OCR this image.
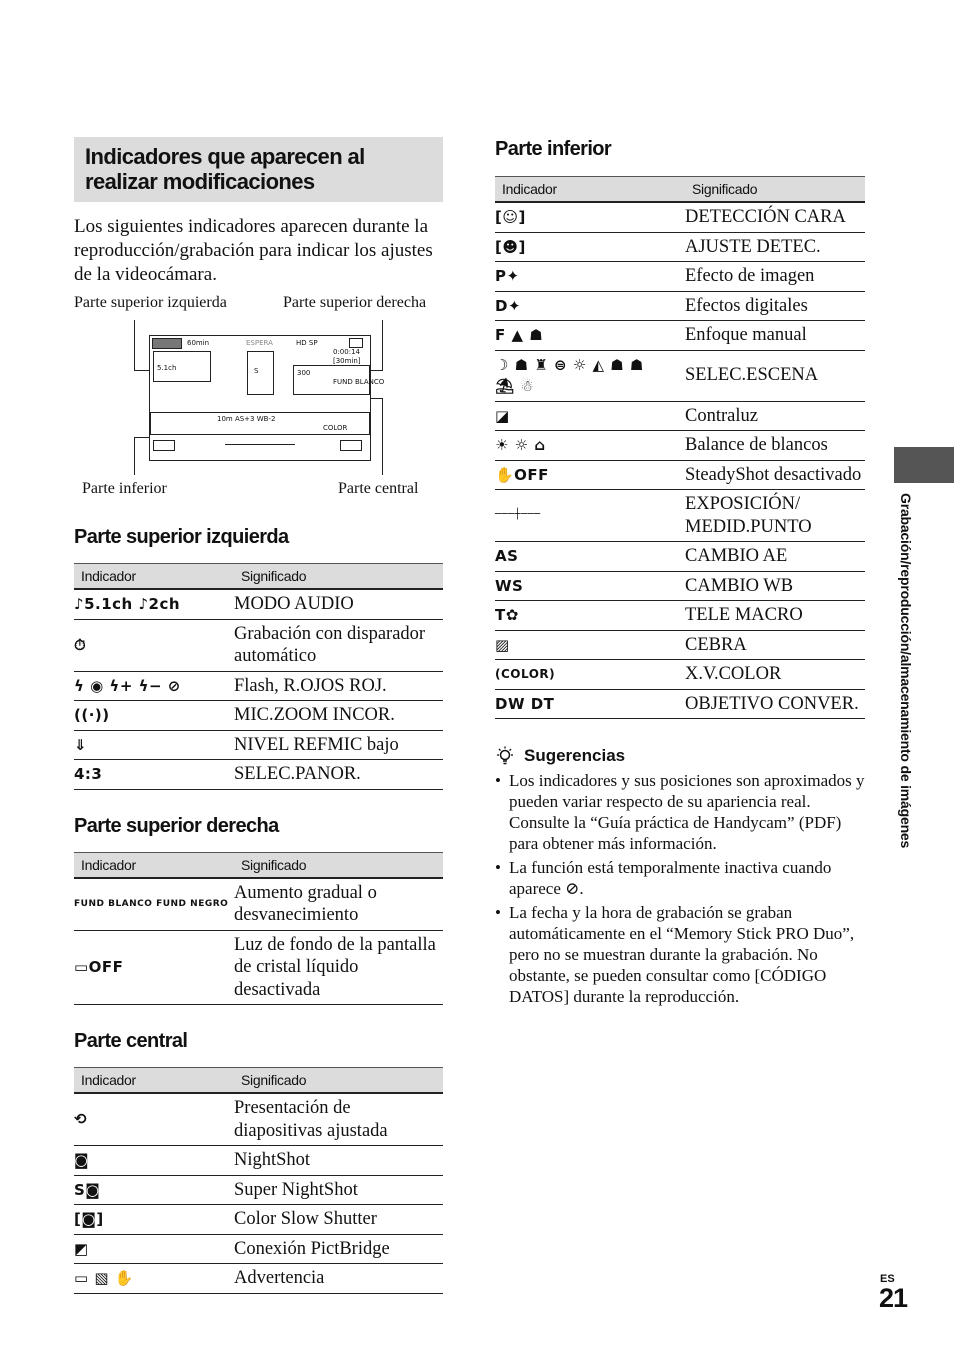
Indicadores que aparecen al realizar modificaciones
Los siguientes indicadores aparecen durante la reproducción/grabación para indicar los ajustes de la videocámara.
Parte superior izquierda	Parte superior derecha
60min	ESPERA	HD SP
5.1ch	S
0:00:14
[30min]
300
FUND BLANCO
10m AS+3 WB-2
COLOR
Parte inferior	Parte central
Parte superior izquierda
Indicador	Significado
♪5.1ch ♪2ch	MODO AUDIO
⏱	Grabación con disparador automático
ϟ ◉ ϟ+ ϟ− ⊘	Flash, R.OJOS ROJ.
((·))	MIC.ZOOM INCOR.
⇓	NIVEL REFMIC bajo
4:3	SELEC.PANOR.
Parte superior derecha
Indicador	Significado
FUND BLANCO FUND NEGRO	Aumento gradual o desvanecimiento
▭OFF	Luz de fondo de la pantalla de cristal líquido desactivada
Parte central
Indicador	Significado
⟲	Presentación de diapositivas ajustada
◙	NightShot
S◙	Super NightShot
[◙]	Color Slow Shutter
◩	Conexión PictBridge
▭ ▧ ✋	Advertencia
Parte inferior
Indicador	Significado
[☺]	DETECCIÓN CARA
[☻]	AJUSTE DETEC.
P✦	Efecto de imagen
D✦	Efectos digitales
F ▲ ☗	Enfoque manual
☽ ☗ ♜ ⊜ ☼ ◭ ☗ ☗ ⛱ ☃	SELEC.ESCENA
◪	Contraluz
☀ ☼ ⌂	Balance de blancos
✋OFF	SteadyShot desactivado
───┼───	EXPOSICIÓN/ MEDID.PUNTO
AS	CAMBIO AE
WS	CAMBIO WB
T✿	TELE MACRO
▨	CEBRA
(COLOR)	X.V.COLOR
DW DT	OBJETIVO CONVER.
Sugerencias
• Los indicadores y sus posiciones son aproximados y pueden variar respecto de su apariencia real. Consulte la “Guía práctica de Handycam” (PDF) para obtener más información.
• La función está temporalmente inactiva cuando aparece ⊘.
• La fecha y la hora de grabación se graban automáticamente en el “Memory Stick PRO Duo”, pero no se muestran durante la grabación. No obstante, se pueden consultar como [CÓDIGO DATOS] durante la reproducción.
Grabación/reproducción/almacenamiento de imágenes
ES
21
